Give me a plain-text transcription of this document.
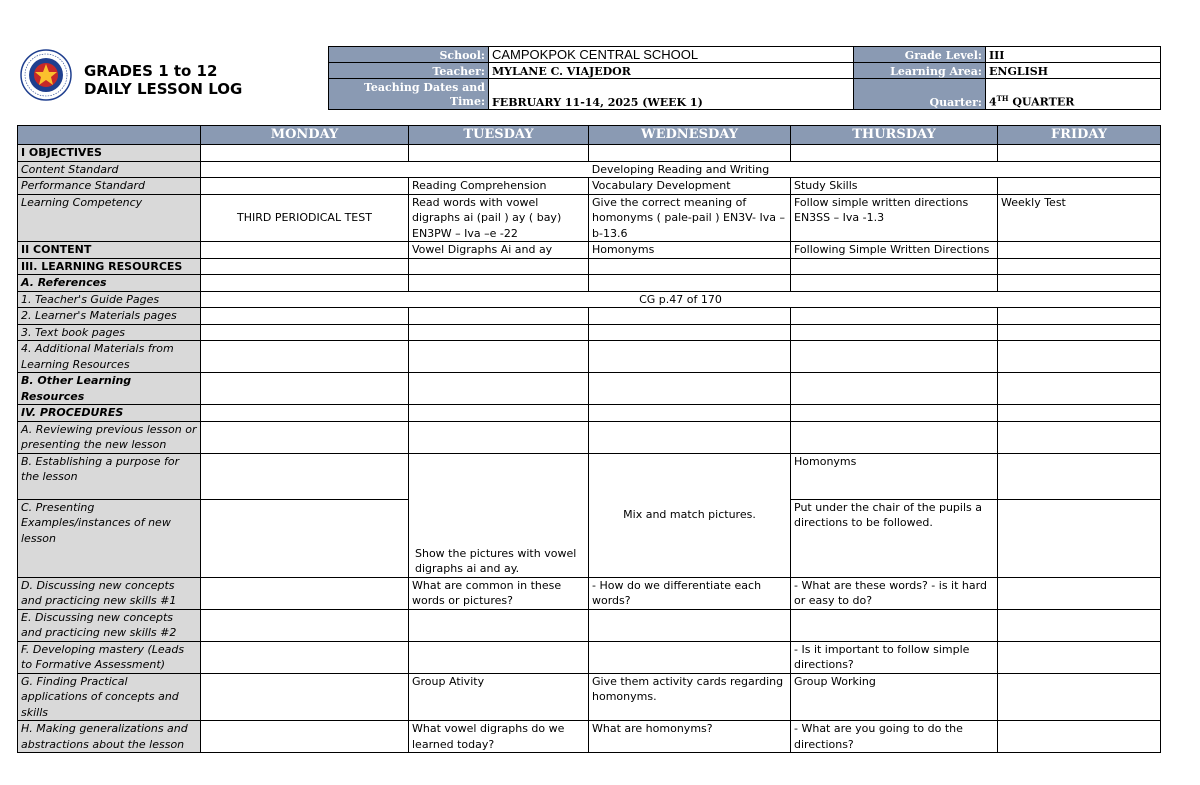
GRADES 1 to 12
DAILY LESSON LOG
School:	CAMPOKPOK CENTRAL SCHOOL	Grade Level:	III
Teacher:	MYLANE C. VIAJEDOR	Learning Area:	ENGLISH
Teaching Dates and Time:	FEBRUARY 11-14, 2025 (WEEK 1)	Quarter:	4TH QUARTER
	MONDAY	TUESDAY	WEDNESDAY	THURSDAY	FRIDAY
I OBJECTIVES					
Content Standard	Developing Reading and Writing				
Performance Standard		Reading Comprehension	Vocabulary Development	Study Skills	
Learning Competency	THIRD PERIODICAL TEST	Read words with vowel digraphs ai (pail ) ay ( bay) EN3PW – Iva –e -22	Give the correct meaning of homonyms ( pale-pail ) EN3V- Iva –b-13.6	Follow simple written directions EN3SS – Iva -1.3	Weekly Test
II CONTENT		Vowel Digraphs Ai and ay	Homonyms	Following Simple Written Directions	
III. LEARNING RESOURCES					
A. References					
1. Teacher's Guide Pages	CG p.47 of 170				
2. Learner's Materials pages					
3. Text book pages					
4. Additional Materials from Learning Resources					
B. Other Learning Resources					
IV. PROCEDURES					
A. Reviewing previous lesson or presenting the new lesson					
B. Establishing a purpose for the lesson		Show the pictures with vowel digraphs ai and ay.	Mix and match pictures.	Homonyms	
C. Presenting Examples/instances of new lesson				Put under the chair of the pupils a directions to be followed.	
D. Discussing new concepts and practicing new skills #1		What are common in these words or pictures?	- How do we differentiate each words?	- What are these words? - is it hard or easy to do?	
E. Discussing new concepts and practicing new skills #2					
F. Developing mastery (Leads to Formative Assessment)				- Is it important to follow simple directions?	
G. Finding Practical applications of concepts and skills		Group Ativity	Give them activity cards regarding homonyms.	Group Working	
H. Making generalizations and abstractions about the lesson		What vowel digraphs do we learned today?	What are homonyms?	- What are you going to do the directions?	
